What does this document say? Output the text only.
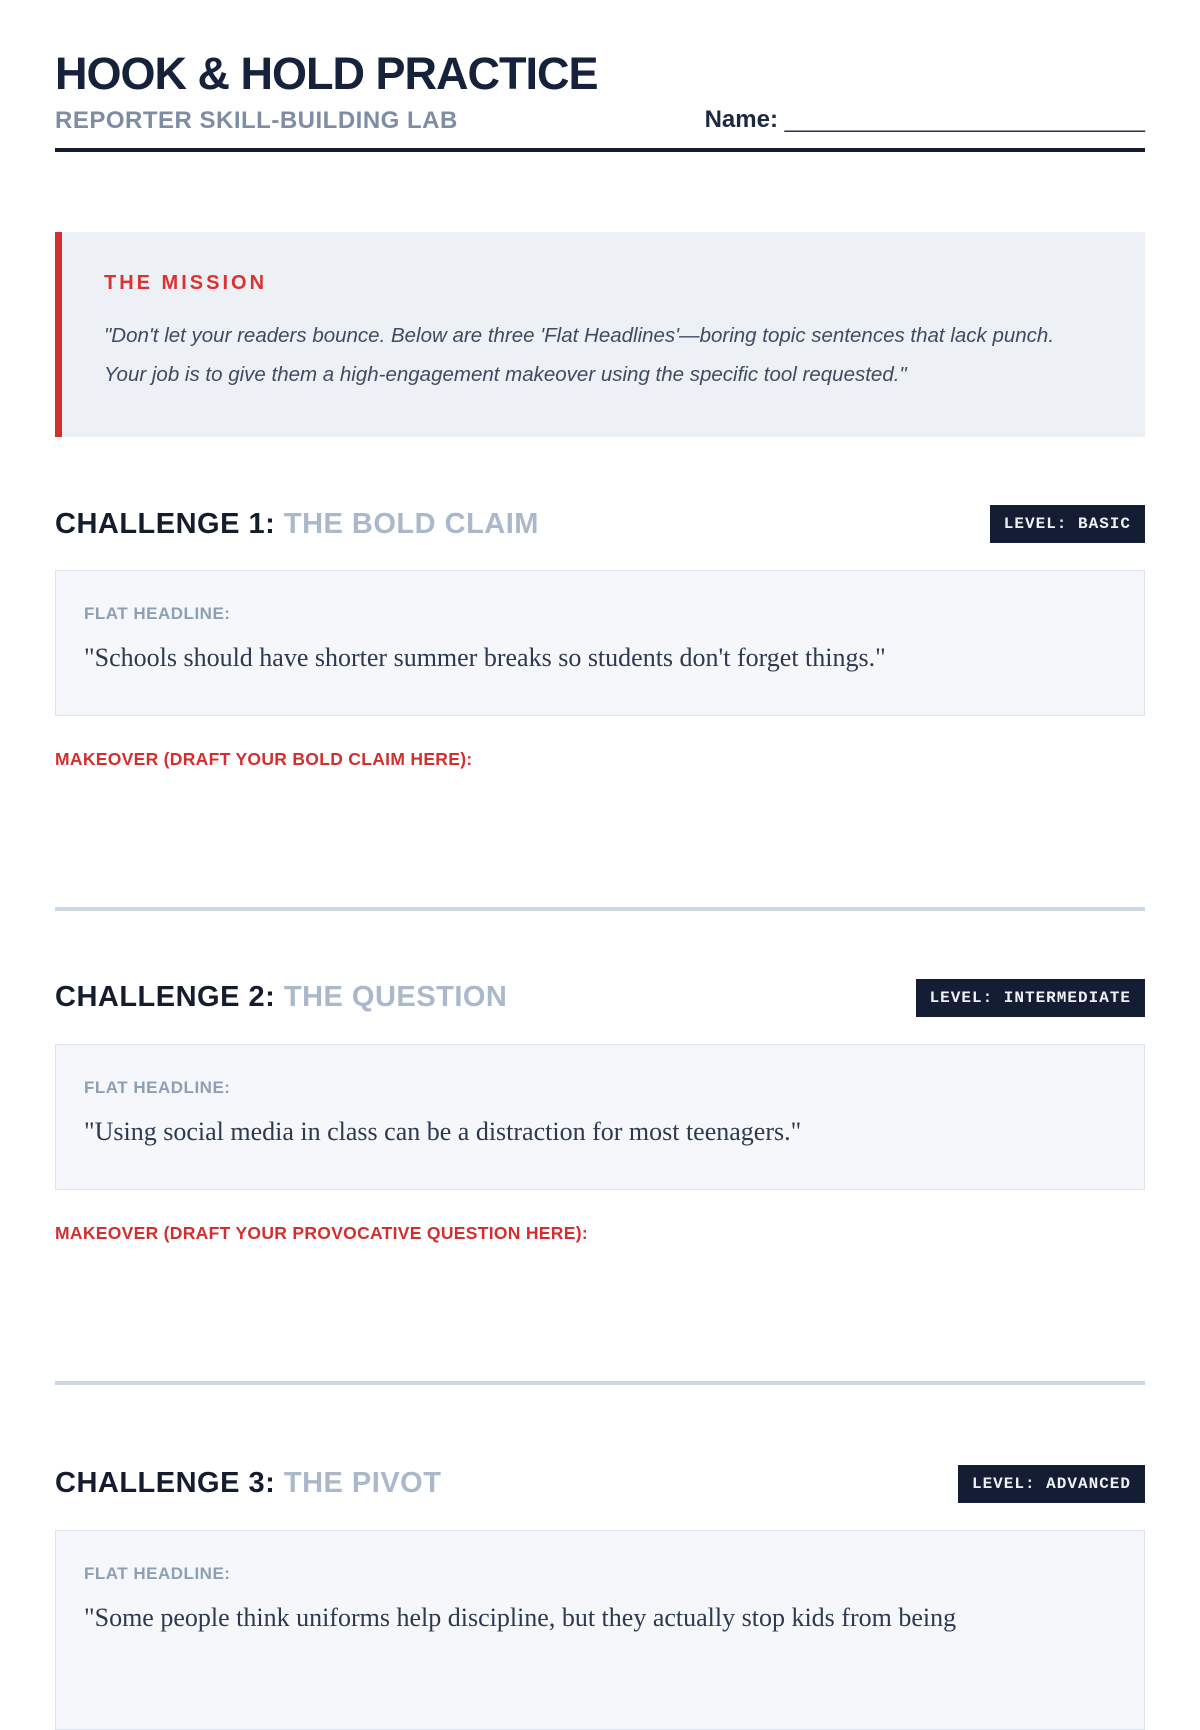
HOOK & HOLD PRACTICE
REPORTER SKILL-BUILDING LAB	Name: ___________________________
THE MISSION
"Don't let your readers bounce. Below are three 'Flat Headlines'—boring topic sentences that lack punch. Your job is to give them a high-engagement makeover using the specific tool requested."
CHALLENGE 1: THE BOLD CLAIM	LEVEL: BASIC
FLAT HEADLINE:
"Schools should have shorter summer breaks so students don't forget things."
MAKEOVER (DRAFT YOUR BOLD CLAIM HERE):
CHALLENGE 2: THE QUESTION	LEVEL: INTERMEDIATE
FLAT HEADLINE:
"Using social media in class can be a distraction for most teenagers."
MAKEOVER (DRAFT YOUR PROVOCATIVE QUESTION HERE):
CHALLENGE 3: THE PIVOT	LEVEL: ADVANCED
FLAT HEADLINE:
"Some people think uniforms help discipline, but they actually stop kids from being
